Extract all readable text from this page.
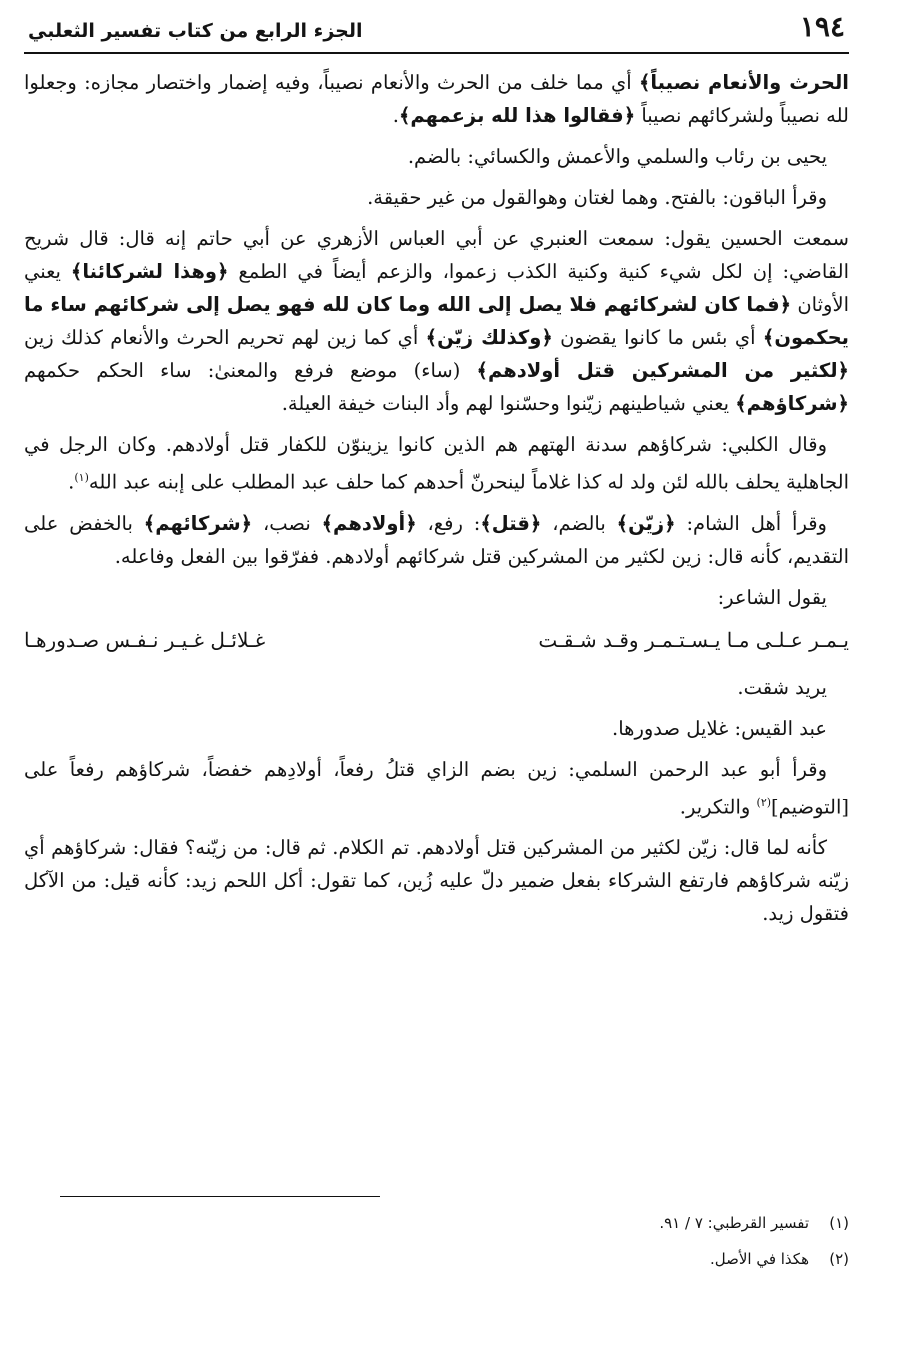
١٩٤
الجزء الرابع من كتاب تفسير الثعلبي

الحرث والأنعام نصيباً﴾ أي مما خلف من الحرث والأنعام نصيباً، وفيه إضمار واختصار مجازه: وجعلوا لله نصيباً ولشركائهم نصيباً ﴿فقالوا هذا لله بزعمهم﴾.

يحيى بن رئاب والسلمي والأعمش والكسائي: بالضم.

وقرأ الباقون: بالفتح. وهما لغتان وهوالقول من غير حقيقة.

سمعت الحسين يقول: سمعت العنبري عن أبي العباس الأزهري عن أبي حاتم إنه قال: قال شريح القاضي: إن لكل شيء كنية وكنية الكذب زعموا، والزعم أيضاً في الطمع ﴿وهذا لشركائنا﴾ يعني الأوثان ﴿فما كان لشركائهم فلا يصل إلى الله وما كان لله فهو يصل إلى شركائهم ساء ما يحكمون﴾ أي بئس ما كانوا يقضون ﴿وكذلك زيّن﴾ أي كما زين لهم تحريم الحرث والأنعام كذلك زين ﴿لكثير من المشركين قتل أولادهم﴾ (ساء) موضع فرفع والمعنىٰ: ساء الحكم حكمهم ﴿شركاؤهم﴾ يعني شياطينهم زيّنوا وحسّنوا لهم وأد البنات خيفة العيلة.

وقال الكلبي: شركاؤهم سدنة الهتهم هم الذين كانوا يزينوّن للكفار قتل أولادهم. وكان الرجل في الجاهلية يحلف بالله لئن ولد له كذا غلاماً لينحرنّ أحدهم كما حلف عبد المطلب على إبنه عبد الله$^{(١)}$.

وقرأ أهل الشام: ﴿زيّن﴾ بالضم، ﴿قتل﴾: رفع، ﴿أولادهم﴾ نصب، ﴿شركائهم﴾ بالخفض على التقديم، كأنه قال: زين لكثير من المشركين قتل شركائهم أولادهم. ففرّقوا بين الفعل وفاعله.

يقول الشاعر:

يـمـر عـلـى مـا يـسـتـمـر وقـد شـقـت
غـلائـل غـيـر نـفـس صـدورهـا

يريد شقت.

عبد القيس: غلايل صدورها.

وقرأ أبو عبد الرحمن السلمي: زين بضم الزاي قتلُ رفعاً، أولادِهم خفضاً، شركاؤهم رفعاً على [التوضيم]$^{(٢)}$ والتكرير.

كأنه لما قال: زيّن لكثير من المشركين قتل أولادهم. تم الكلام. ثم قال: من زيّنه؟ فقال: شركاؤهم أي زيّنه شركاؤهم فارتفع الشركاء بفعل ضمير دلّ عليه زُين، كما تقول: أكل اللحم زيد: كأنه قيل: من الآكل فتقول زيد.

(١)تفسير القرطبي: ٧ / ٩١.

(٢)هكذا في الأصل.
